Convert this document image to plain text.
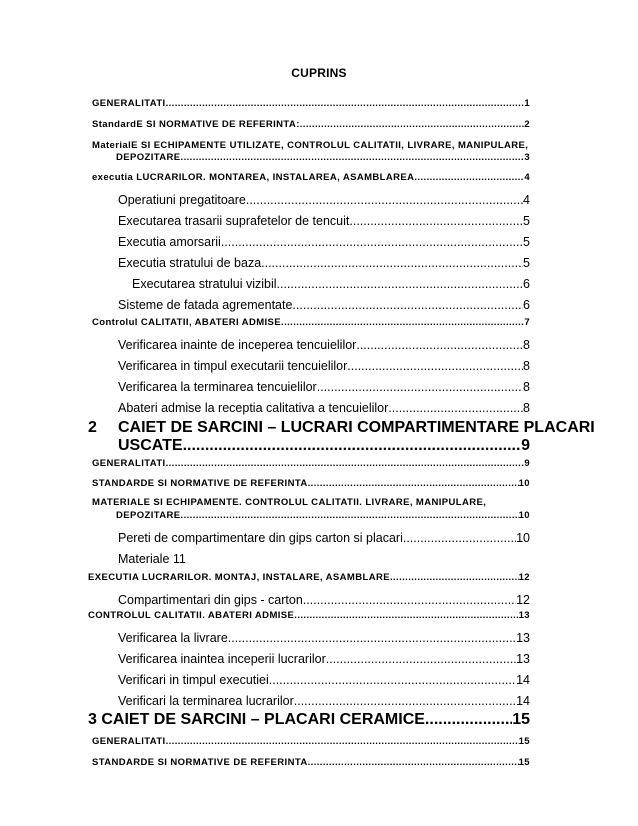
CUPRINS
GENERALITATI .....	1
StandardE SI NORMATIVE DE REFERINTA: .....	2
MaterialE SI ECHIPAMENTE UTILIZATE, CONTROLUL CALITATII, LIVRARE, MANIPULARE,
DEPOZITARE .....	3
executia LUCRARILOR. MONTAREA, INSTALAREA, ASAMBLAREA .....	4
Operatiuni pregatitoare .....	4
Executarea trasarii suprafetelor de tencuit .....	5
Executia amorsarii .....	5
Executia stratului de baza .....	5
Executarea stratului vizibil .....	6
Sisteme de fatada agrementate .....	6
Controlul CALITATII, ABATERI ADMISE .....	7
Verificarea inainte de inceperea tencuielilor .....	8
Verificarea in timpul executarii tencuielilor .....	8
Verificarea la terminarea tencuielilor .....	8
Abateri admise la receptia calitativa a tencuielilor .....	8
2 CAIET DE SARCINI – LUCRARI COMPARTIMENTARE PLACARI
USCATE .....	9
GENERALITATI .....	9
STANDARDE SI NORMATIVE DE REFERINTA .....	10
MATERIALE SI ECHIPAMENTE. CONTROLUL CALITATII. LIVRARE, MANIPULARE,
DEPOZITARE .....	10
Pereti de compartimentare din gips carton si placari .....	10
Materiale 11
EXECUTIA LUCRARILOR. MONTAJ, INSTALARE, ASAMBLARE .....	12
Compartimentari din gips - carton .....	12
CONTROLUL CALITATII. ABATERI ADMISE .....	13
Verificarea la livrare .....	13
Verificarea inaintea inceperii lucrarilor .....	13
Verificari in timpul executiei .....	14
Verificari la terminarea lucrarilor .....	14
3 CAIET DE SARCINI – PLACARI CERAMICE .....	15
GENERALITATI .....	15
STANDARDE SI NORMATIVE DE REFERINTA .....	15
